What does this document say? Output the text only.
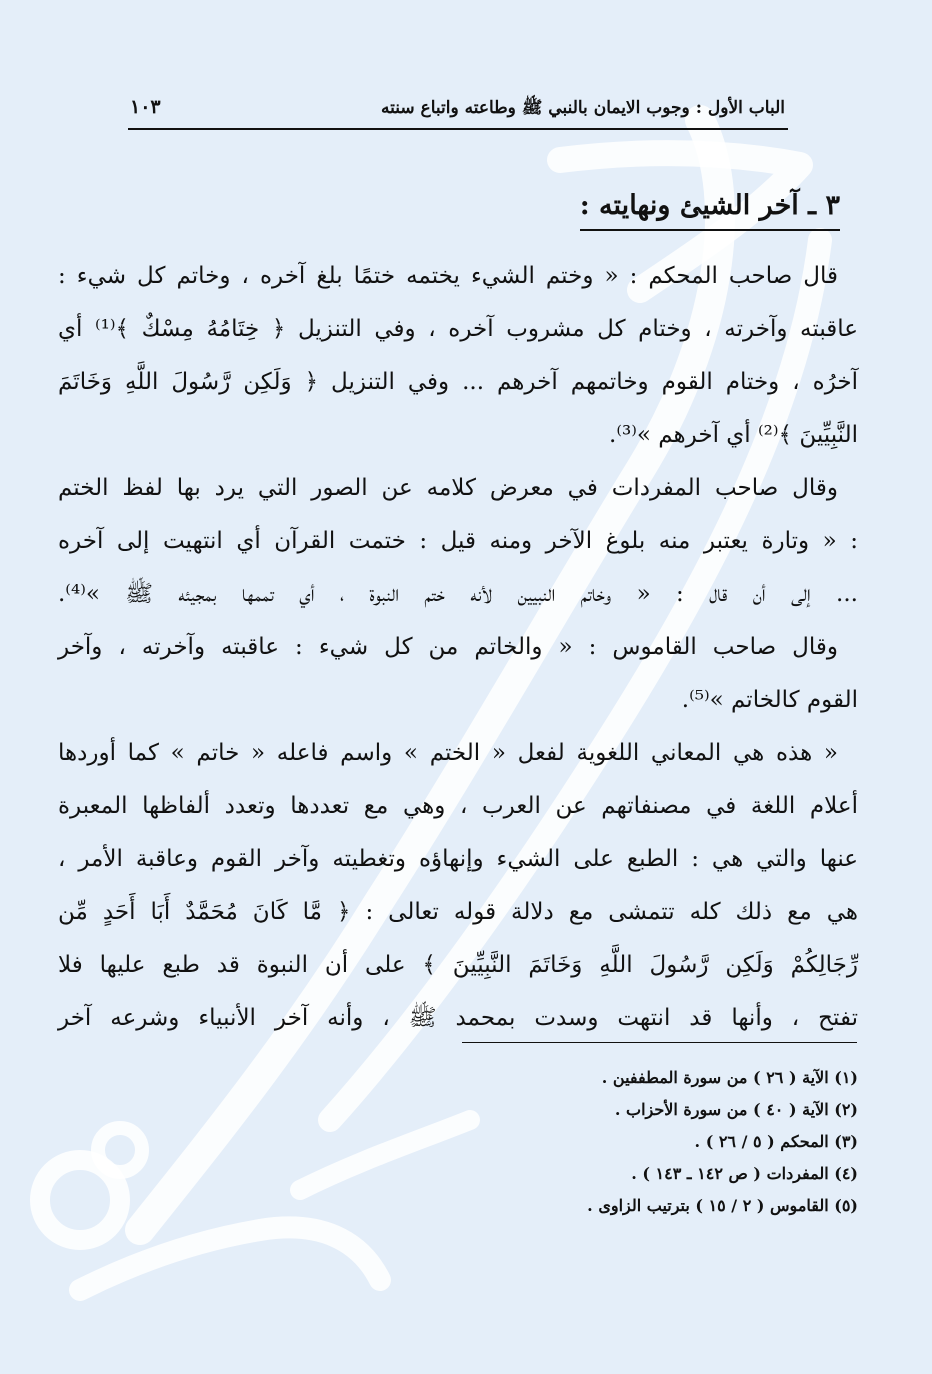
الباب الأول : وجوب الايمان بالنبي ﷺ وطاعته واتباع سنته
١٠٣
٣ ـ آخر الشيئ ونهايته :
قال صاحب المحكم : « وختم الشيء يختمه ختمًا بلغ آخره ، وخاتم كل شيء :
عاقبته وآخرته ، وختام كل مشروب آخره ، وفي التنزيل ﴿ خِتَامُهُ مِسْكٌ ﴾⁽¹⁾ أي
آخرُه ، وختام القوم وخاتمهم آخرهم ... وفي التنزيل ﴿ وَلَكِن رَّسُولَ اللَّهِ وَخَاتَمَ
النَّبِيِّينَ ﴾⁽²⁾ أي آخرهم »⁽³⁾.
وقال صاحب المفردات في معرض كلامه عن الصور التي يرد بها لفظ الختم
: « وتارة يعتبر منه بلوغ الآخر ومنه قيل : ختمت القرآن أي انتهيت إلى آخره
... إلى أن قال : « وخاتم النبيين لأنه ختم النبوة ، أي تممها بمجيئه ﷺ »⁽⁴⁾.
وقال صاحب القاموس : « والخاتم من كل شيء : عاقبته وآخرته ، وآخر
القوم كالخاتم »⁽⁵⁾.
« هذه هي المعاني اللغوية لفعل « الختم » واسم فاعله « خاتم » كما أوردها
أعلام اللغة في مصنفاتهم عن العرب ، وهي مع تعددها وتعدد ألفاظها المعبرة
عنها والتي هي : الطبع على الشيء وإنهاؤه وتغطيته وآخر القوم وعاقبة الأمر ،
هي مع ذلك كله تتمشى مع دلالة قوله تعالى : ﴿ مَّا كَانَ مُحَمَّدٌ أَبَا أَحَدٍ مِّن
رِّجَالِكُمْ وَلَكِن رَّسُولَ اللَّهِ وَخَاتَمَ النَّبِيِّينَ ﴾ على أن النبوة قد طبع عليها فلا
تفتح ، وأنها قد انتهت وسدت بمحمد ﷺ ، وأنه آخر الأنبياء وشرعه آخر
(١) الآية ( ٢٦ ) من سورة المطففين .
(٢) الآية ( ٤٠ ) من سورة الأحزاب .
(٣) المحكم ( ٥ / ٢٦ ) .
(٤) المفردات ( ص ١٤٢ ـ ١٤٣ ) .
(٥) القاموس ( ٢ / ١٥ ) بترتيب الزاوى .
